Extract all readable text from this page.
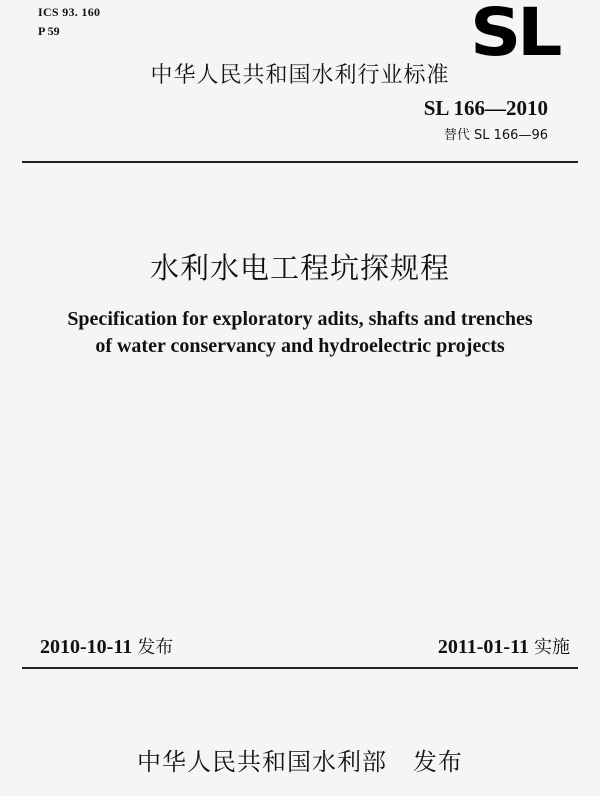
ICS 93. 160
P 59	SL
中华人民共和国水利行业标准
SL 166—2010
替代 SL 166—96
水利水电工程坑探规程
Specification for exploratory adits, shafts and trenches
of water conservancy and hydroelectric projects
2010-10-11 发布	2011-01-11 实施
中华人民共和国水利部 发布
